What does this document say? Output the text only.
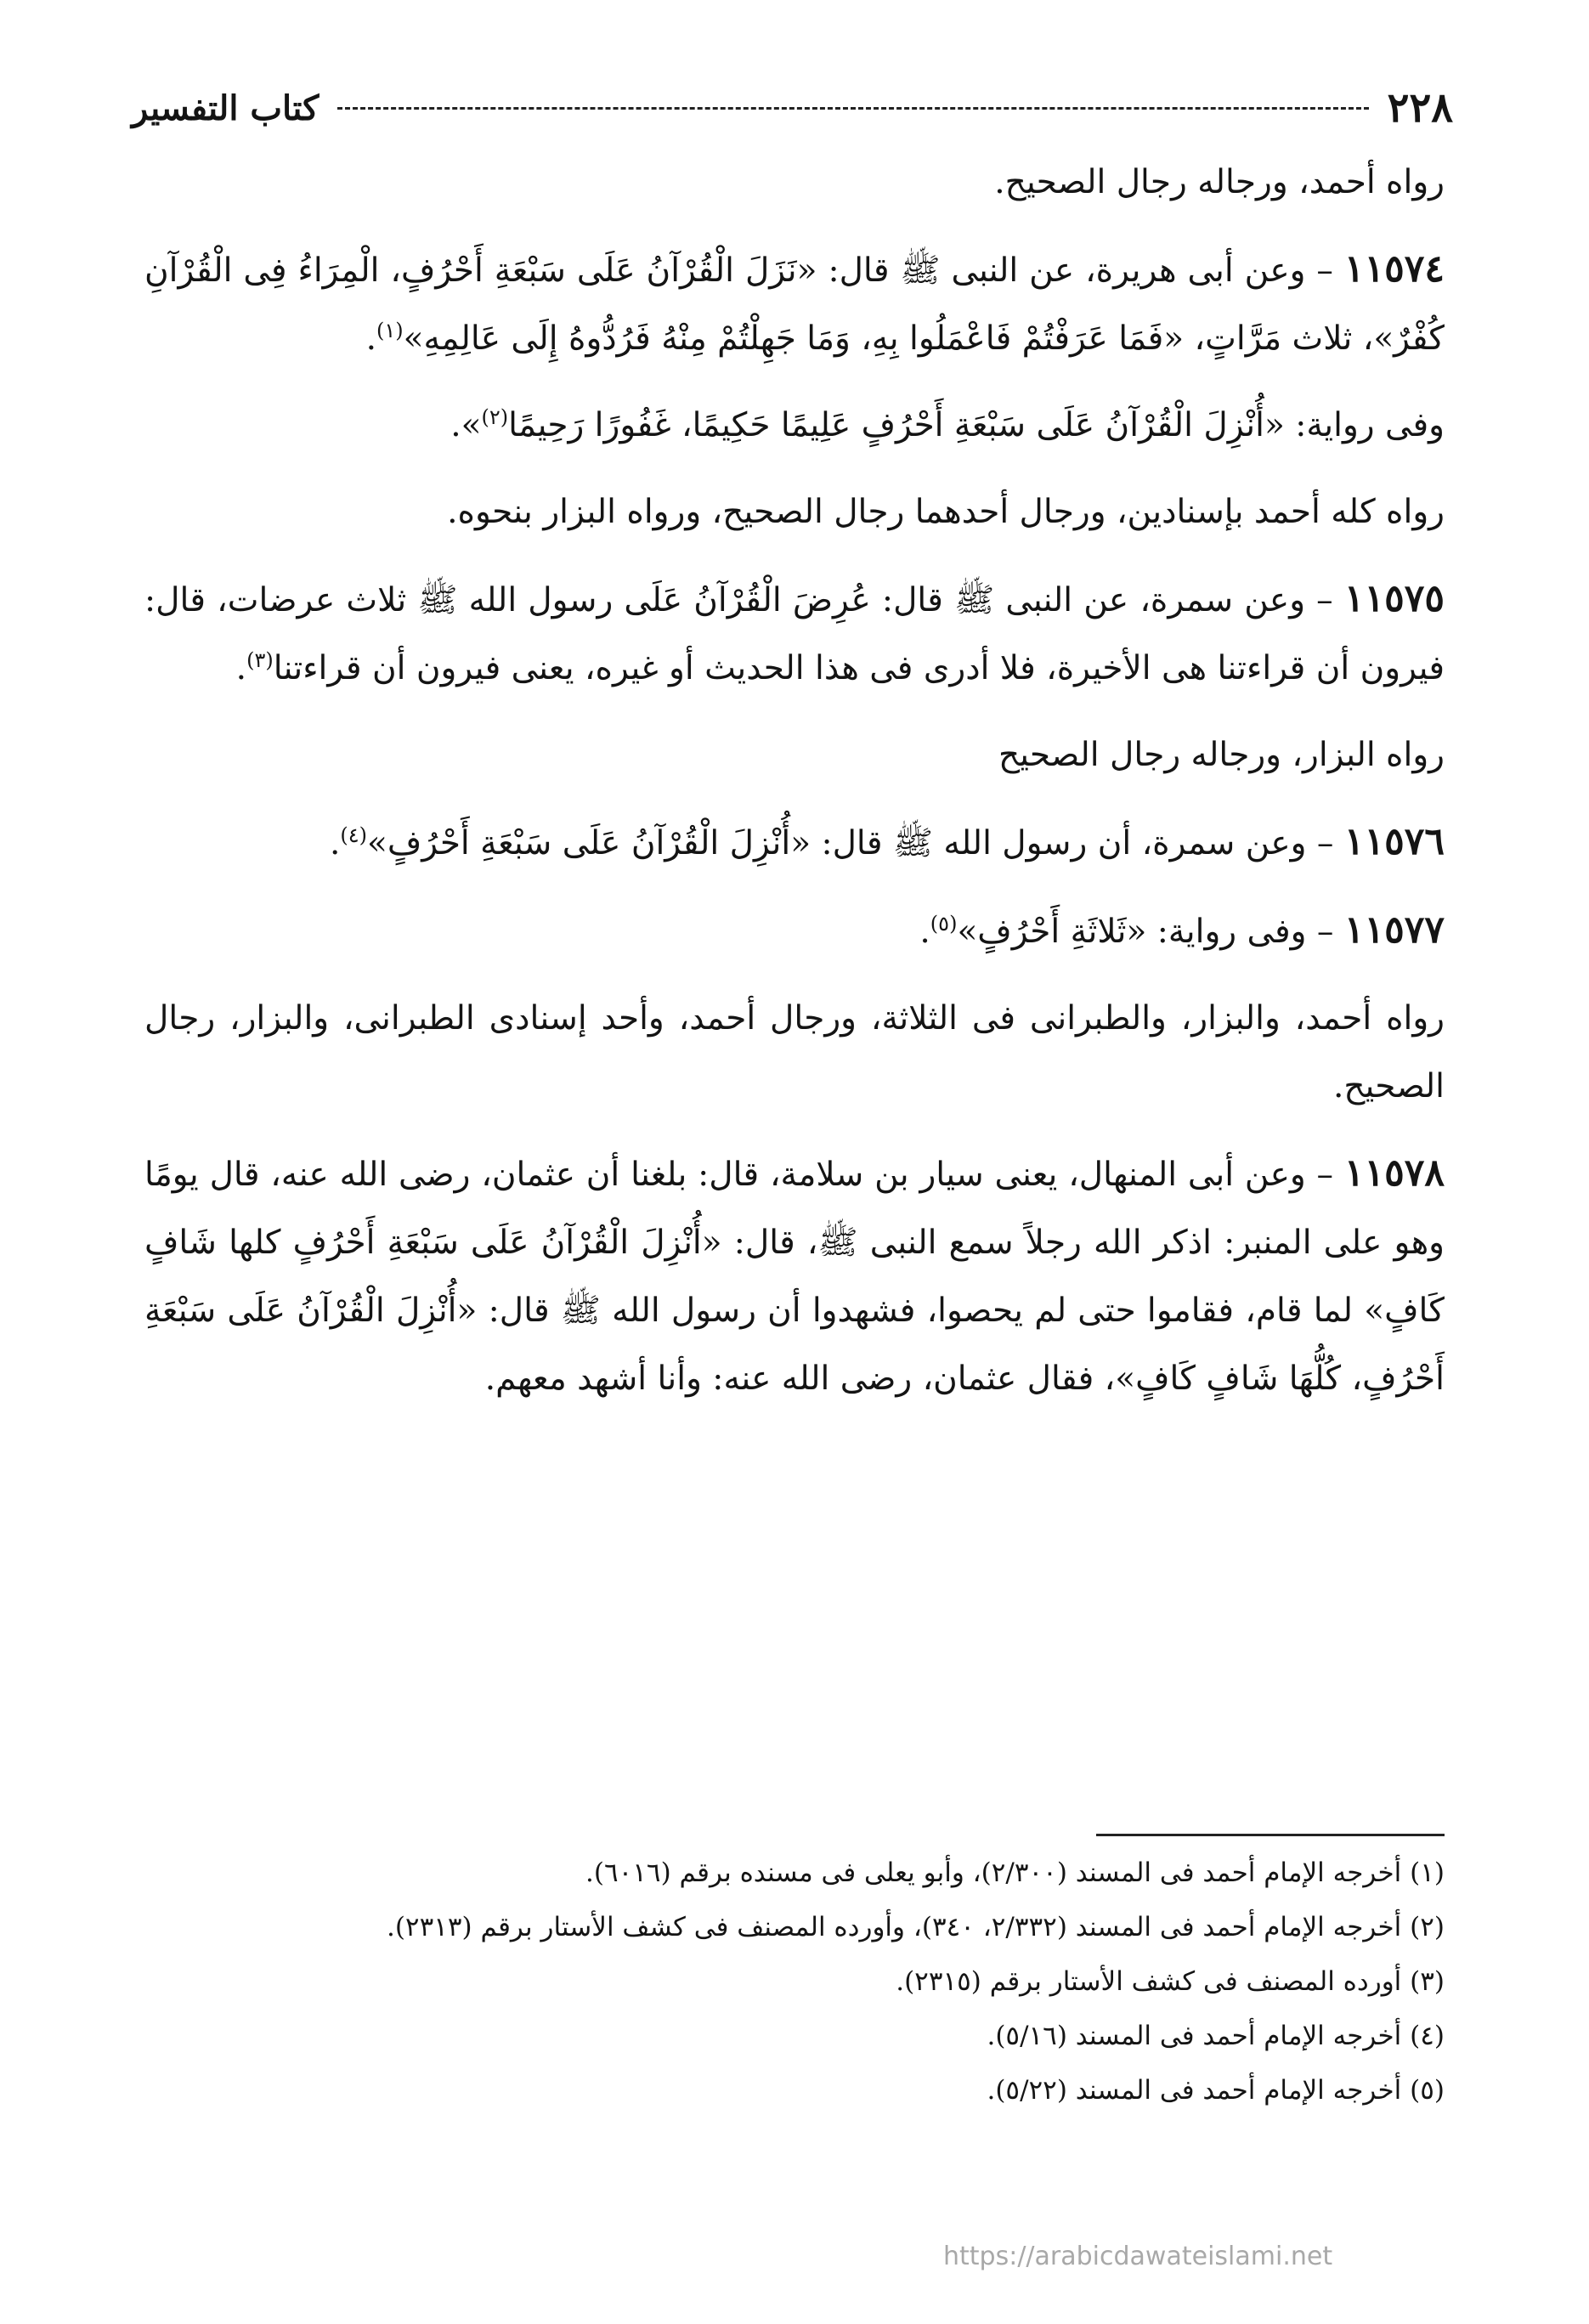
٢٢٨
كتاب التفسير

رواه أحمد، ورجاله رجال الصحيح.

١١٥٧٤ – وعن أبى هريرة، عن النبى ﷺ قال: «نَزَلَ الْقُرْآنُ عَلَى سَبْعَةِ أَحْرُفٍ، الْمِرَاءُ فِى الْقُرْآنِ كُفْرٌ»، ثلاث مَرَّاتٍ، «فَمَا عَرَفْتُمْ فَاعْمَلُوا بِهِ، وَمَا جَهِلْتُمْ مِنْهُ فَرُدُّوهُ إِلَى عَالِمِهِ»$^{(١)}$.

وفى رواية: «أُنْزِلَ الْقُرْآنُ عَلَى سَبْعَةِ أَحْرُفٍ عَلِيمًا حَكِيمًا، غَفُورًا رَحِيمًا$^{(٢)}$».

رواه كله أحمد بإسنادين، ورجال أحدهما رجال الصحيح، ورواه البزار بنحوه.

١١٥٧٥ – وعن سمرة، عن النبى ﷺ قال: عُرِضَ الْقُرْآنُ عَلَى رسول الله ﷺ ثلاث عرضات، قال: فيرون أن قراءتنا هى الأخيرة، فلا أدرى فى هذا الحديث أو غيره، يعنى فيرون أن قراءتنا$^{(٣)}$.

رواه البزار، ورجاله رجال الصحيح

١١٥٧٦ – وعن سمرة، أن رسول الله ﷺ قال: «أُنْزِلَ الْقُرْآنُ عَلَى سَبْعَةِ أَحْرُفٍ»$^{(٤)}$.

١١٥٧٧ – وفى رواية: «ثَلاثَةِ أَحْرُفٍ»$^{(٥)}$.

رواه أحمد، والبزار، والطبرانى فى الثلاثة، ورجال أحمد، وأحد إسنادى الطبرانى، والبزار، رجال الصحيح.

١١٥٧٨ – وعن أبى المنهال، يعنى سيار بن سلامة، قال: بلغنا أن عثمان، رضى الله عنه، قال يومًا وهو على المنبر: اذكر الله رجلاً سمع النبى ﷺ، قال: «أُنْزِلَ الْقُرْآنُ عَلَى سَبْعَةِ أَحْرُفٍ كلها شَافٍ كَافٍ» لما قام، فقاموا حتى لم يحصوا، فشهدوا أن رسول الله ﷺ قال: «أُنْزِلَ الْقُرْآنُ عَلَى سَبْعَةِ أَحْرُفٍ، كُلُّهَا شَافٍ كَافٍ»، فقال عثمان، رضى الله عنه: وأنا أشهد معهم.

(١) أخرجه الإمام أحمد فى المسند (٢/٣٠٠)، وأبو يعلى فى مسنده برقم (٦٠١٦).

(٢) أخرجه الإمام أحمد فى المسند (٢/٣٣٢، ٣٤٠)، وأورده المصنف فى كشف الأستار برقم (٢٣١٣).

(٣) أورده المصنف فى كشف الأستار برقم (٢٣١٥).

(٤) أخرجه الإمام أحمد فى المسند (٥/١٦).

(٥) أخرجه الإمام أحمد فى المسند (٥/٢٢).

https://arabicdawateislami.net
